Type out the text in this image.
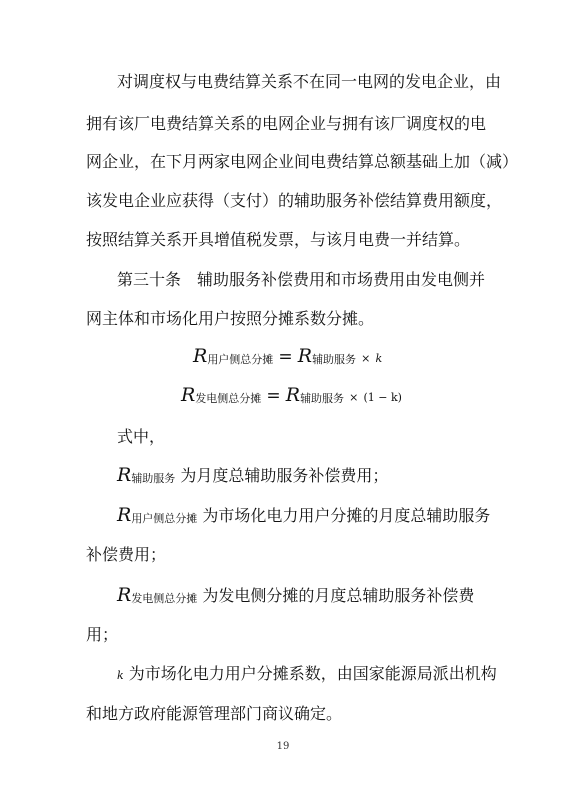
对调度权与电费结算关系不在同一电网的发电企业，由
拥有该厂电费结算关系的电网企业与拥有该厂调度权的电
网企业，在下月两家电网企业间电费结算总额基础上加（减）
该发电企业应获得（支付）的辅助服务补偿结算费用额度，
按照结算关系开具增值税发票，与该月电费一并结算。
第三十条　辅助服务补偿费用和市场费用由发电侧并
网主体和市场化用户按照分摊系数分摊。
R用户侧总分摊 = R辅助服务 × k
R发电侧总分摊 = R辅助服务 × (1 − k)
式中，
R辅助服务 为月度总辅助服务补偿费用；
R用户侧总分摊 为市场化电力用户分摊的月度总辅助服务
补偿费用；
R发电侧总分摊 为发电侧分摊的月度总辅助服务补偿费
用；
k 为市场化电力用户分摊系数，由国家能源局派出机构
和地方政府能源管理部门商议确定。
19
